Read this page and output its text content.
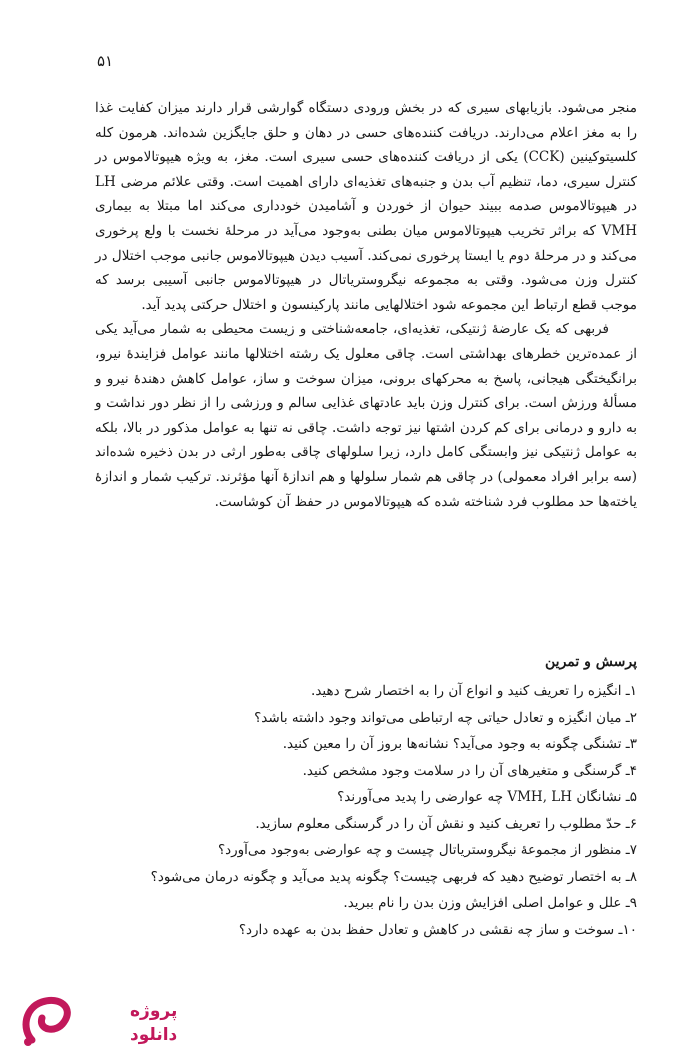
۵۱

منجر می‌شود. بازیابهای سیری که در بخش ورودی دستگاه گوارشی قرار دارند میزان کفایت غذا را به مغز اعلام می‌دارند. دریافت کننده‌های حسی در دهان و حلق جایگزین شده‌اند. هرمون کله کلسیتوکینین (CCK) یکی از دریافت کننده‌های حسی سیری است. مغز، به ویژه هیپوتالاموس در کنترل سیری، دما، تنظیم آب بدن و جنبه‌های تغذیه‌ای دارای اهمیت است. وقتی علائم مرضی LH در هیپوتالاموس صدمه ببیند حیوان از خوردن و آشامیدن خودداری می‌کند اما مبتلا به بیماری VMH که براثر تخریب هیپوتالاموس میان بطنی به‌وجود می‌آید در مرحلهٔ نخست با ولع پرخوری می‌کند و در مرحلهٔ دوم یا ایستا پرخوری نمی‌کند. آسیب دیدن هیپوتالاموس جانبی موجب اختلال در کنترل وزن می‌شود. وقتی به مجموعه نیگرو‌ستریاتال در هیپوتالاموس جانبی آسیبی برسد که موجب قطع ارتباط این مجموعه شود اختلالهایی مانند پارکینسون و اختلال حرکتی پدید آید.

فربهی که یک عارضهٔ ژنتیکی، تغذیه‌ای، جامعه‌شناختی و زیست محیطی به شمار می‌آید یکی از عمده‌ترین خطرهای بهداشتی است. چاقی معلول یک رشته اختلالها مانند عوامل فزایندهٔ نیرو، برانگیختگی هیجانی، پاسخ به محرکهای برونی، میزان سوخت و ساز، عوامل کاهش دهندهٔ نیرو و مسألهٔ ورزش است. برای کنترل وزن باید عادتهای غذایی سالم و ورزشی را از نظر دور نداشت و به دارو و درمانی برای کم کردن اشتها نیز توجه داشت. چاقی نه تنها به عوامل مذکور در بالا، بلکه به عوامل ژنتیکی نیز وابستگی کامل دارد، زیرا سلولهای چاقی به‌طور ارثی در بدن ذخیره شده‌اند (سه برابر افراد معمولی) در چاقی هم شمار سلولها و هم اندازهٔ آنها مؤثرند. ترکیب شمار و اندازهٔ یاخته‌ها حد مطلوب فرد شناخته شده که هیپوتالاموس در حفظ آن کوشاست.

پرسش و تمرین
۱ـ انگیزه را تعریف کنید و انواع آن را به اختصار شرح دهید.
۲ـ میان انگیزه و تعادل حیاتی چه ارتباطی می‌تواند وجود داشته باشد؟
۳ـ تشنگی چگونه به وجود می‌آید؟ نشانه‌ها بروز آن را معین کنید.
۴ـ گرسنگی و متغیرهای آن را در سلامت وجود مشخص کنید.
۵ـ نشانگان VMH, LH چه عوارضی را پدید می‌آورند؟
۶ـ حدّ مطلوب را تعریف کنید و نقش آن را در گرسنگی معلوم سازید.
۷ـ منظور از مجموعهٔ نیگرو‌ستریاتال چیست و چه عوارضی به‌وجود می‌آورد؟
۸ـ به اختصار توضیح دهید که فربهی چیست؟ چگونه پدید می‌آید و چگونه درمان می‌شود؟
۹ـ علل و عوامل اصلی افزایش وزن بدن را نام ببرید.
۱۰ـ سوخت و ساز چه نقشی در کاهش و تعادل حفظ بدن به عهده دارد؟
پروژه
دانلود
